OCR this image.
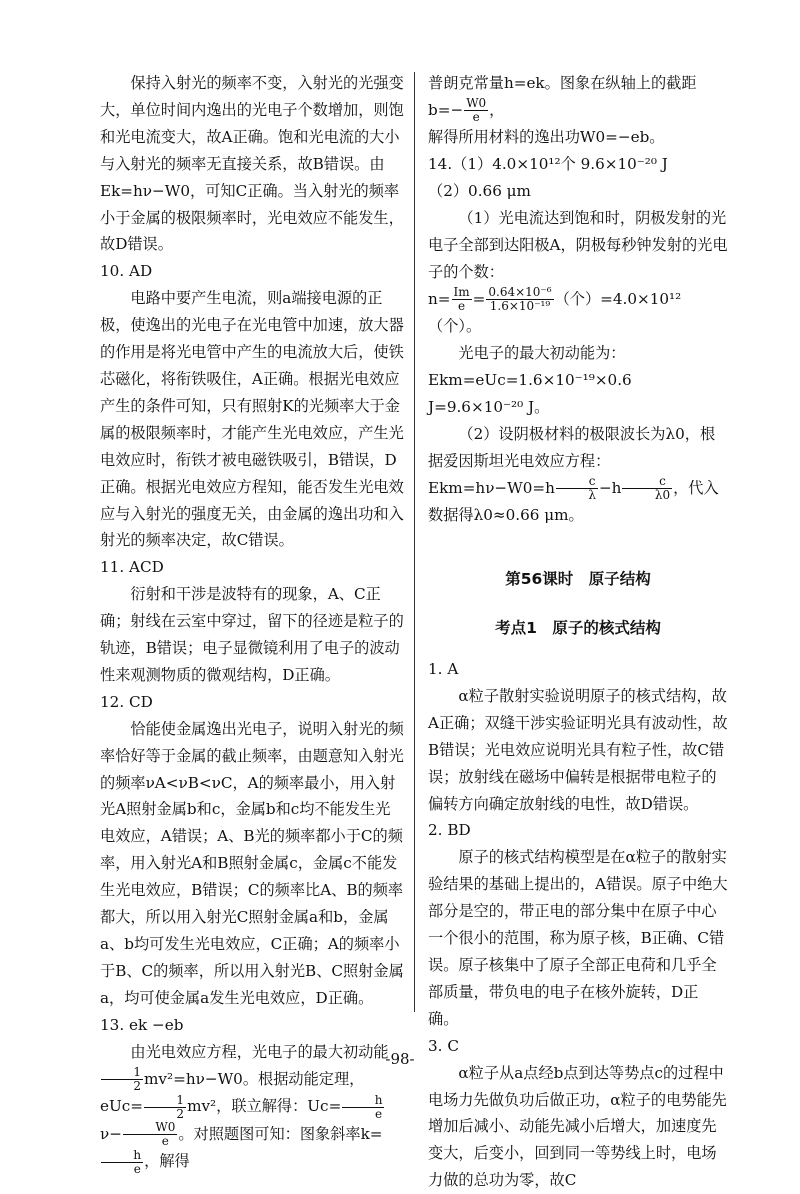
保持入射光的频率不变，入射光的光强变大，单位时间内逸出的光电子个数增加，则饱和光电流变大，故A正确。饱和光电流的大小与入射光的频率无直接关系，故B错误。由Ek=hν−W0，可知C正确。当入射光的频率小于金属的极限频率时，光电效应不能发生，故D错误。

10. AD

电路中要产生电流，则a端接电源的正极，使逸出的光电子在光电管中加速，放大器的作用是将光电管中产生的电流放大后，使铁芯磁化，将衔铁吸住，A正确。根据光电效应产生的条件可知，只有照射K的光频率大于金属的极限频率时，才能产生光电效应，产生光电效应时，衔铁才被电磁铁吸引，B错误，D正确。根据光电效应方程知，能否发生光电效应与入射光的强度无关，由金属的逸出功和入射光的频率决定，故C错误。

11. ACD

衍射和干涉是波特有的现象，A、C正确；射线在云室中穿过，留下的径迹是粒子的轨迹，B错误；电子显微镜利用了电子的波动性来观测物质的微观结构，D正确。

12. CD

恰能使金属逸出光电子，说明入射光的频率恰好等于金属的截止频率，由题意知入射光的频率νA<νB<νC，A的频率最小，用入射光A照射金属b和c，金属b和c均不能发生光电效应，A错误；A、B光的频率都小于C的频率，用入射光A和B照射金属c，金属c不能发生光电效应，B错误；C的频率比A、B的频率都大，所以用入射光C照射金属a和b，金属a、b均可发生光电效应，C正确；A的频率小于B、C的频率，所以用入射光B、C照射金属a，均可使金属a发生光电效应，D正确。

13. ek −eb

由光电效应方程，光电子的最大初动能
$\frac{1}{2} mv^2=h\nu-W0$。根据动能定理，$eUc= \frac{1}{2} mv^2$，联立解得：$Uc= \frac{h}{e}$
$\nu- \frac{W0}{e}$ 。对照题图可知：图象斜率k=
$\frac{h}{e}$ ，解得

普朗克常量h=ek。图象在纵轴上的截距$b=- \frac{W0}{e}$ ，

解得所用材料的逸出功W0=−eb。

14.（1）4.0×10¹²个 9.6×10⁻²⁰ J

（2）0.66 μm

（1）光电流达到饱和时，阴极发射的光电子全部到达阳极A，阴极每秒钟发射的光电子的个数：

$n= \frac{Im}{e} = \frac{\text{0.64×10⁻⁶}}{\text{1.6×10⁻¹⁹}}$ （个）=4.0×10¹²（个）。

光电子的最大初动能为：

Ekm=eUc=1.6×10⁻¹⁹×0.6 J=9.6×10⁻²⁰ J。

（2）设阴极材料的极限波长为λ0，根据爱因斯坦光电效应方程：$Ekm=h\nu-W0=h \frac{c}{\lambda} -h \frac{c}{\lambda 0}$ ，代入

数据得λ0≈0.66 μm。

第56课时　原子结构

考点1　原子的核式结构

1. A

α粒子散射实验说明原子的核式结构，故A正确；双缝干涉实验证明光具有波动性，故B错误；光电效应说明光具有粒子性，故C错误；放射线在磁场中偏转是根据带电粒子的偏转方向确定放射线的电性，故D错误。

2. BD

原子的核式结构模型是在α粒子的散射实验结果的基础上提出的，A错误。原子中绝大部分是空的，带正电的部分集中在原子中心一个很小的范围，称为原子核，B正确、C错误。原子核集中了原子全部正电荷和几乎全部质量，带负电的电子在核外旋转，D正确。

3. C

α粒子从a点经b点到达等势点c的过程中电场力先做负功后做正功，α粒子的电势能先增加后减小、动能先减小后增大，加速度先变大，后变小，回到同一等势线上时，电场力做的总功为零，故C

-98-
